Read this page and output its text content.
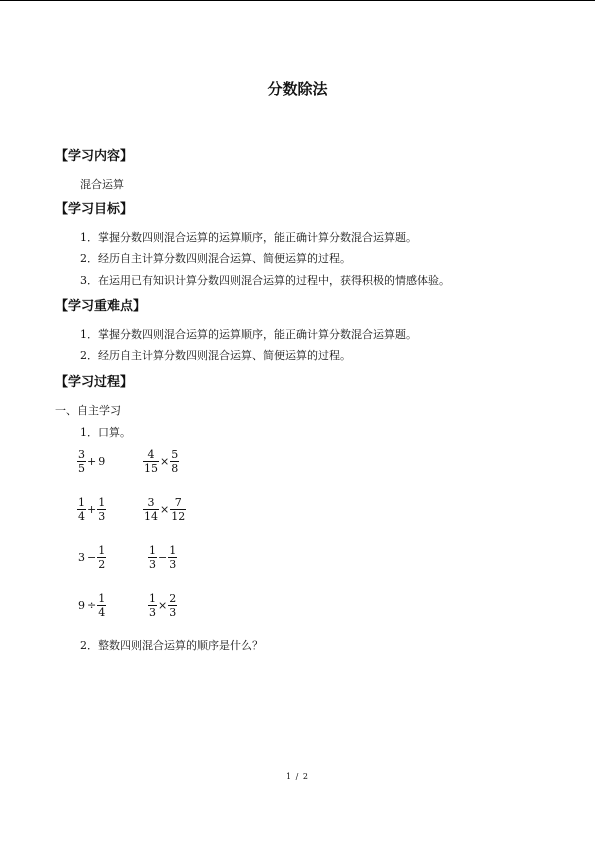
分数除法
【学习内容】
混合运算
【学习目标】
1．掌握分数四则混合运算的运算顺序，能正确计算分数混合运算题。
2．经历自主计算分数四则混合运算、简便运算的过程。
3．在运用已有知识计算分数四则混合运算的过程中，获得积极的情感体验。
【学习重难点】
1．掌握分数四则混合运算的运算顺序，能正确计算分数混合运算题。
2．经历自主计算分数四则混合运算、简便运算的过程。
【学习过程】
一、自主学习
1．口算。
$\frac{3}{5} + 9$	$\frac{4}{15} \times \frac{5}{8}$
$\frac{1}{4} + \frac{1}{3}$	$\frac{3}{14} \times \frac{7}{12}$
$3 - \frac{1}{2}$	$\frac{1}{3} - \frac{1}{3}$
$9 \div \frac{1}{4}$	$\frac{1}{3} \times \frac{2}{3}$
2．整数四则混合运算的顺序是什么？
1 / 2
